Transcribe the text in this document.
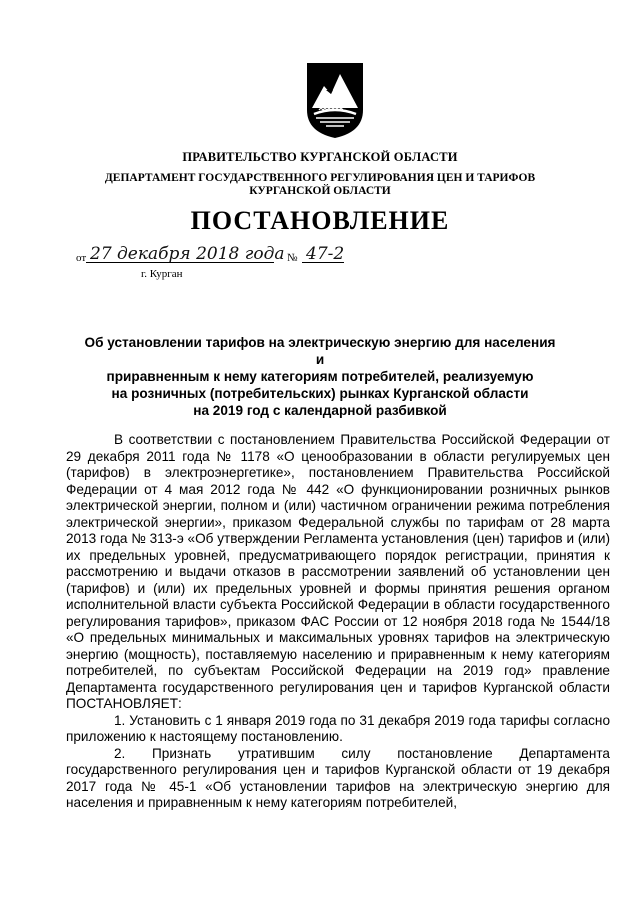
ПРАВИТЕЛЬСТВО КУРГАНСКОЙ ОБЛАСТИ
ДЕПАРТАМЕНТ ГОСУДАРСТВЕННОГО РЕГУЛИРОВАНИЯ ЦЕН И ТАРИФОВ
КУРГАНСКОЙ ОБЛАСТИ
ПОСТАНОВЛЕНИЕ
от 27 декабря 2018 года № 47-2
г. Курган
Об установлении тарифов на электрическую энергию для населения и
приравненным к нему категориям потребителей, реализуемую
на розничных (потребительских) рынках Курганской области
на 2019 год с календарной разбивкой

В соответствии с постановлением Правительства Российской Федерации от 29 декабря 2011 года № 1178 «О ценообразовании в области регулируемых цен (тарифов) в электроэнергетике», постановлением Правительства Российской Федерации от 4 мая 2012 года № 442 «О функционировании розничных рынков электрической энергии, полном и (или) частичном ограничении режима потребления электрической энергии», приказом Федеральной службы по тарифам от 28 марта 2013 года № 313-э «Об утверждении Регламента установления (цен) тарифов и (или) их предельных уровней, предусматривающего порядок регистрации, принятия к рассмотрению и выдачи отказов в рассмотрении заявлений об установлении цен (тарифов) и (или) их предельных уровней и формы принятия решения органом исполнительной власти субъекта Российской Федерации в области государственного регулирования тарифов», приказом ФАС России от 12 ноября 2018 года № 1544/18 «О предельных минимальных и максимальных уровнях тарифов на электрическую энергию (мощность), поставляемую населению и приравненным к нему категориям потребителей, по субъектам Российской Федерации на 2019 год» правление Департамента государственного регулирования цен и тарифов Курганской области ПОСТАНОВЛЯЕТ:

1. Установить с 1 января 2019 года по 31 декабря 2019 года тарифы согласно приложению к настоящему постановлению.

2. Признать утратившим силу постановление Департамента государственного регулирования цен и тарифов Курганской области от 19 декабря 2017 года № 45-1 «Об установлении тарифов на электрическую энергию для населения и приравненным к нему категориям потребителей,
